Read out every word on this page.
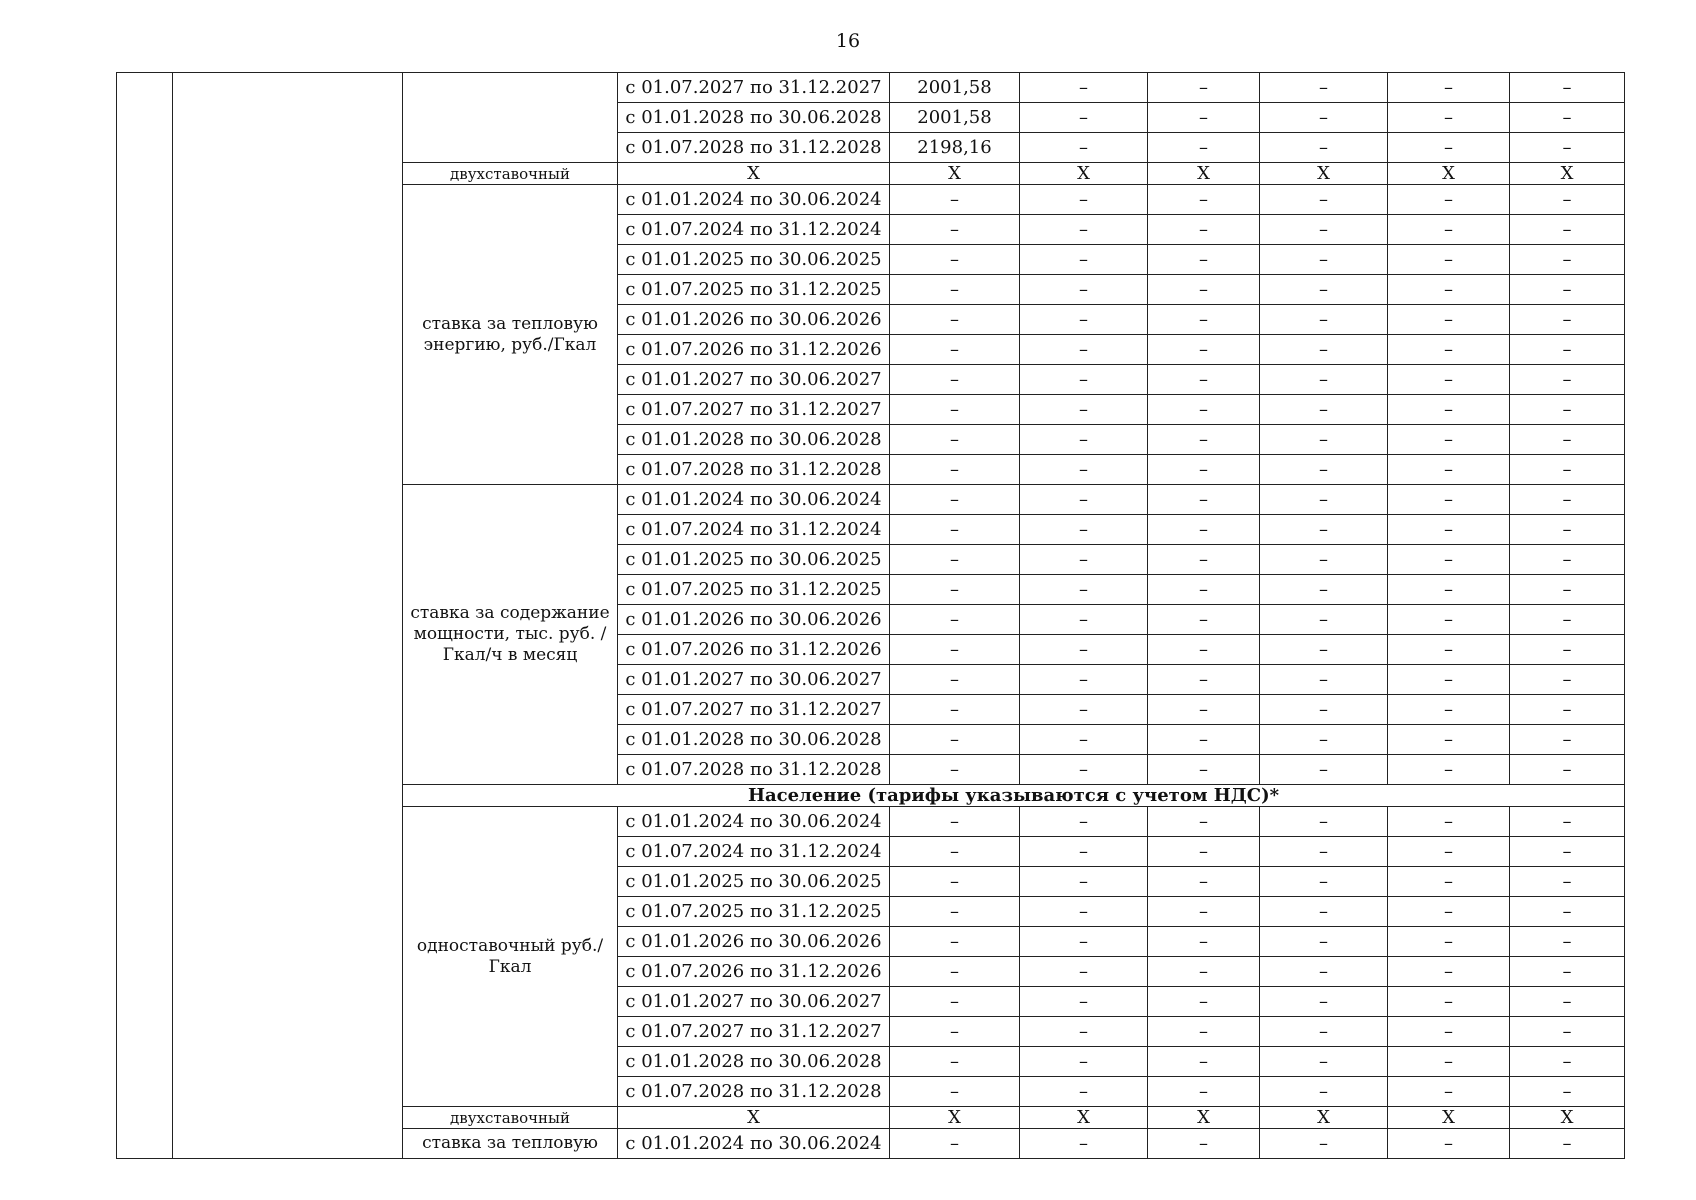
16
			с 01.07.2027 по 31.12.2027	2001,58	–	–	–	–	–
			с 01.01.2028 по 30.06.2028	2001,58	–	–	–	–	–
			с 01.07.2028 по 31.12.2028	2198,16	–	–	–	–	–
		двухставочный	Х	Х	Х	Х	Х	Х	Х
		ставка за тепловую энергию, руб./Гкал	с 01.01.2024 по 30.06.2024	–	–	–	–	–	–
			с 01.07.2024 по 31.12.2024	–	–	–	–	–	–
			с 01.01.2025 по 30.06.2025	–	–	–	–	–	–
			с 01.07.2025 по 31.12.2025	–	–	–	–	–	–
			с 01.01.2026 по 30.06.2026	–	–	–	–	–	–
			с 01.07.2026 по 31.12.2026	–	–	–	–	–	–
			с 01.01.2027 по 30.06.2027	–	–	–	–	–	–
			с 01.07.2027 по 31.12.2027	–	–	–	–	–	–
			с 01.01.2028 по 30.06.2028	–	–	–	–	–	–
			с 01.07.2028 по 31.12.2028	–	–	–	–	–	–
		ставка за содержание мощности, тыс. руб. /Гкал/ч в месяц	с 01.01.2024 по 30.06.2024	–	–	–	–	–	–
			с 01.07.2024 по 31.12.2024	–	–	–	–	–	–
			с 01.01.2025 по 30.06.2025	–	–	–	–	–	–
			с 01.07.2025 по 31.12.2025	–	–	–	–	–	–
			с 01.01.2026 по 30.06.2026	–	–	–	–	–	–
			с 01.07.2026 по 31.12.2026	–	–	–	–	–	–
			с 01.01.2027 по 30.06.2027	–	–	–	–	–	–
			с 01.07.2027 по 31.12.2027	–	–	–	–	–	–
			с 01.01.2028 по 30.06.2028	–	–	–	–	–	–
			с 01.07.2028 по 31.12.2028	–	–	–	–	–	–
		Население (тарифы указываются с учетом НДС)*							
		одноставочный руб./Гкал	с 01.01.2024 по 30.06.2024	–	–	–	–	–	–
			с 01.07.2024 по 31.12.2024	–	–	–	–	–	–
			с 01.01.2025 по 30.06.2025	–	–	–	–	–	–
			с 01.07.2025 по 31.12.2025	–	–	–	–	–	–
			с 01.01.2026 по 30.06.2026	–	–	–	–	–	–
			с 01.07.2026 по 31.12.2026	–	–	–	–	–	–
			с 01.01.2027 по 30.06.2027	–	–	–	–	–	–
			с 01.07.2027 по 31.12.2027	–	–	–	–	–	–
			с 01.01.2028 по 30.06.2028	–	–	–	–	–	–
			с 01.07.2028 по 31.12.2028	–	–	–	–	–	–
		двухставочный	Х	Х	Х	Х	Х	Х	Х
		ставка за тепловую	с 01.01.2024 по 30.06.2024	–	–	–	–	–	–
